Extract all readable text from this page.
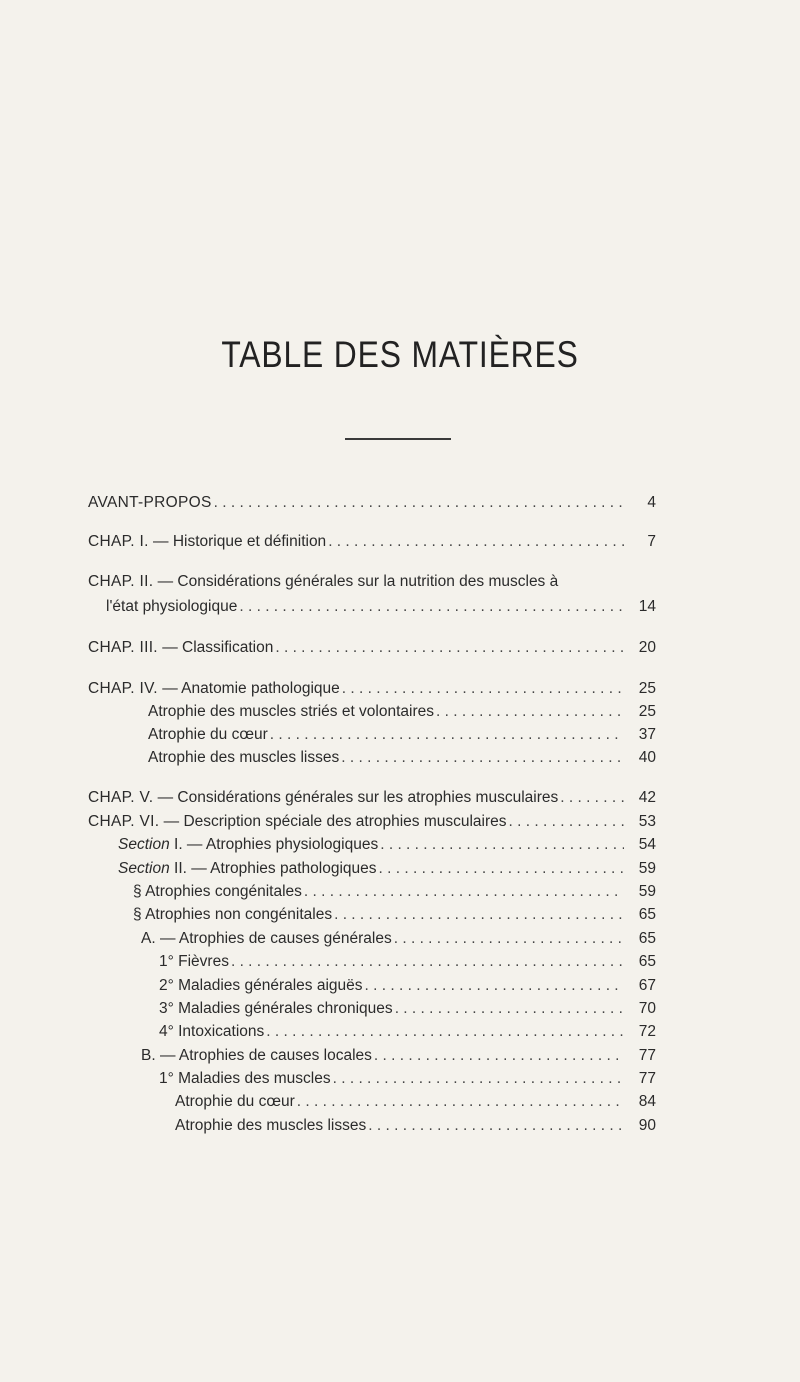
TABLE DES MATIÈRES
AVANT-PROPOS . . .	4
CHAP. I. — Historique et définition . . .	7
CHAP. II. — Considérations générales sur la nutrition des muscles à
l'état physiologique . . .	14
CHAP. III. — Classification . . .	20
CHAP. IV. — Anatomie pathologique . . .	25
Atrophie des muscles striés et volontaires . . .	25
Atrophie du cœur . . .	37
Atrophie des muscles lisses . . .	40
CHAP. V. — Considérations générales sur les atrophies musculaires . . .	42
CHAP. VI. — Description spéciale des atrophies musculaires . . .	53
Section I. — Atrophies physiologiques . . .	54
Section II. — Atrophies pathologiques . . .	59
§ Atrophies congénitales . . .	59
§ Atrophies non congénitales . . .	65
A. — Atrophies de causes générales . . .	65
1° Fièvres . . .	65
2° Maladies générales aiguës . . .	67
3° Maladies générales chroniques . . .	70
4° Intoxications . . .	72
B. — Atrophies de causes locales . . .	77
1° Maladies des muscles . . .	77
Atrophie du cœur . . .	84
Atrophie des muscles lisses . . .	90
